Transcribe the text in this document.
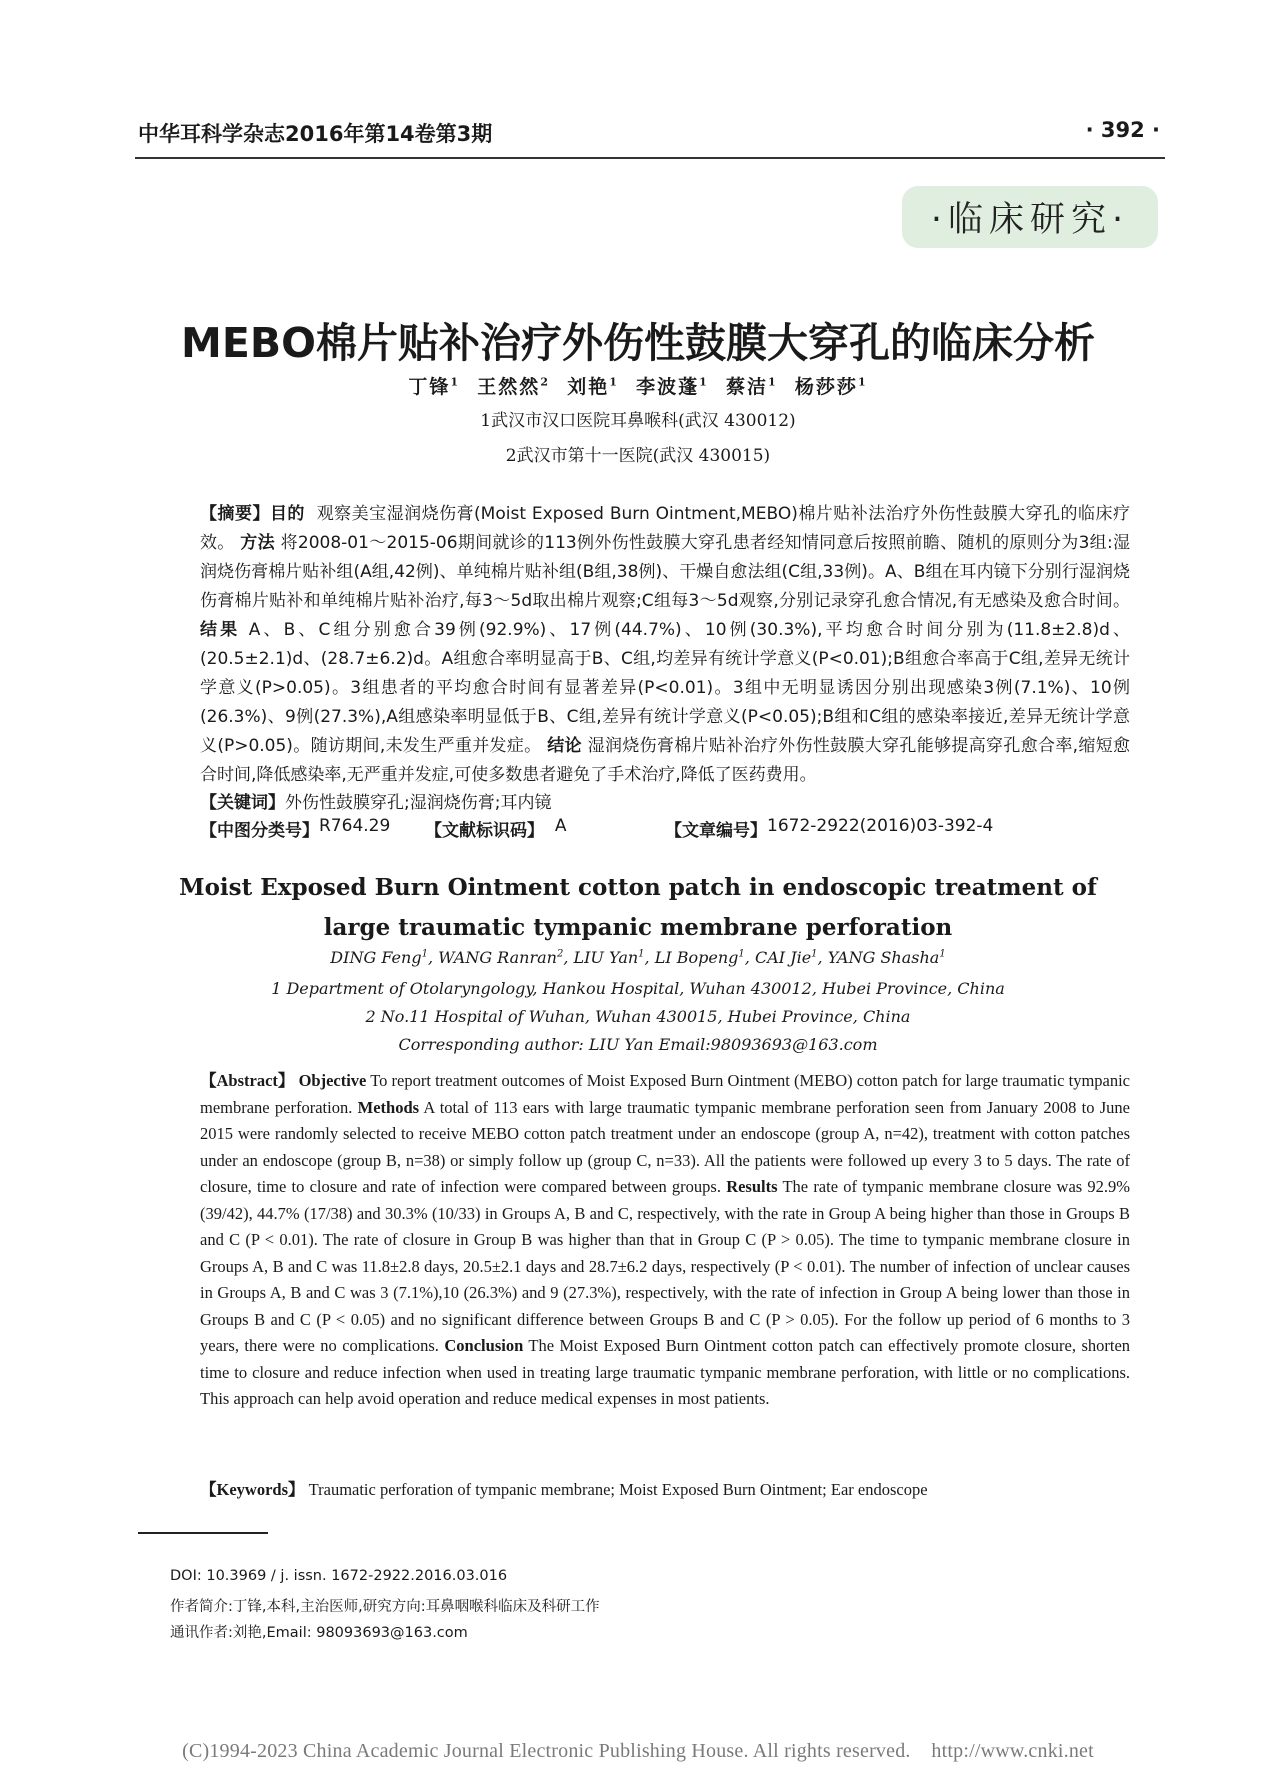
中华耳科学杂志2016年第14卷第3期	· 392 ·
·临床研究·
MEBO棉片贴补治疗外伤性鼓膜大穿孔的临床分析
丁锋$^1$ 王然然$^2$ 刘艳$^1$ 李波蓬$^1$ 蔡洁$^1$ 杨莎莎$^1$
1武汉市汉口医院耳鼻喉科(武汉 430012)
2武汉市第十一医院(武汉 430015)
【摘要】目的 观察美宝湿润烧伤膏(Moist Exposed Burn Ointment,MEBO)棉片贴补法治疗外伤性鼓膜大穿孔的临床疗效。 方法 将2008-01～2015-06期间就诊的113例外伤性鼓膜大穿孔患者经知情同意后按照前瞻、随机的原则分为3组:湿润烧伤膏棉片贴补组(A组,42例)、单纯棉片贴补组(B组,38例)、干燥自愈法组(C组,33例)。A、B组在耳内镜下分别行湿润烧伤膏棉片贴补和单纯棉片贴补治疗,每3～5d取出棉片观察;C组每3～5d观察,分别记录穿孔愈合情况,有无感染及愈合时间。 结果 A、B、C组分别愈合39例(92.9%)、17例(44.7%)、10例(30.3%),平均愈合时间分别为(11.8±2.8)d、(20.5±2.1)d、(28.7±6.2)d。A组愈合率明显高于B、C组,均差异有统计学意义(P<0.01);B组愈合率高于C组,差异无统计学意义(P>0.05)。3组患者的平均愈合时间有显著差异(P<0.01)。3组中无明显诱因分别出现感染3例(7.1%)、10例(26.3%)、9例(27.3%),A组感染率明显低于B、C组,差异有统计学意义(P<0.05);B组和C组的感染率接近,差异无统计学意义(P>0.05)。随访期间,未发生严重并发症。 结论 湿润烧伤膏棉片贴补治疗外伤性鼓膜大穿孔能够提高穿孔愈合率,缩短愈合时间,降低感染率,无严重并发症,可使多数患者避免了手术治疗,降低了医药费用。
【关键词】外伤性鼓膜穿孔;湿润烧伤膏;耳内镜
【中图分类号】 R764.29 【文献标识码】 A	【文章编号】 1672-2922(2016)03-392-4
Moist Exposed Burn Ointment cotton patch in endoscopic treatment of large traumatic tympanic membrane perforation
DING Feng$^1$, WANG Ranran$^2$, LIU Yan$^1$, LI Bopeng$^1$, CAI Jie$^1$, YANG Shasha$^1$
1 Department of Otolaryngology, Hankou Hospital, Wuhan 430012, Hubei Province, China
2 No.11 Hospital of Wuhan, Wuhan 430015, Hubei Province, China
Corresponding author: LIU Yan Email:98093693@163.com
【Abstract】 Objective To report treatment outcomes of Moist Exposed Burn Ointment (MEBO) cotton patch for large traumatic tympanic membrane perforation. Methods A total of 113 ears with large traumatic tympanic membrane perforation seen from January 2008 to June 2015 were randomly selected to receive MEBO cotton patch treatment under an endoscope (group A, n=42), treatment with cotton patches under an endoscope (group B, n=38) or simply follow up (group C, n=33). All the patients were followed up every 3 to 5 days. The rate of closure, time to closure and rate of infection were compared between groups. Results The rate of tympanic membrane closure was 92.9% (39/42), 44.7% (17/38) and 30.3% (10/33) in Groups A, B and C, respectively, with the rate in Group A being higher than those in Groups B and C (P < 0.01). The rate of closure in Group B was higher than that in Group C (P > 0.05). The time to tympanic membrane closure in Groups A, B and C was 11.8±2.8 days, 20.5±2.1 days and 28.7±6.2 days, respectively (P < 0.01). The number of infection of unclear causes in Groups A, B and C was 3 (7.1%),10 (26.3%) and 9 (27.3%), respectively, with the rate of infection in Group A being lower than those in Groups B and C (P < 0.05) and no significant difference between Groups B and C (P > 0.05). For the follow up period of 6 months to 3 years, there were no complications. Conclusion The Moist Exposed Burn Ointment cotton patch can effectively promote closure, shorten time to closure and reduce infection when used in treating large traumatic tympanic membrane perforation, with little or no complications. This approach can help avoid operation and reduce medical expenses in most patients.
【Keywords】 Traumatic perforation of tympanic membrane; Moist Exposed Burn Ointment; Ear endoscope
DOI: 10.3969 / j. issn. 1672-2922.2016.03.016
作者简介:丁锋,本科,主治医师,研究方向:耳鼻咽喉科临床及科研工作
通讯作者:刘艳,Email: 98093693@163.com
(C)1994-2023 China Academic Journal Electronic Publishing House. All rights reserved.    http://www.cnki.net
